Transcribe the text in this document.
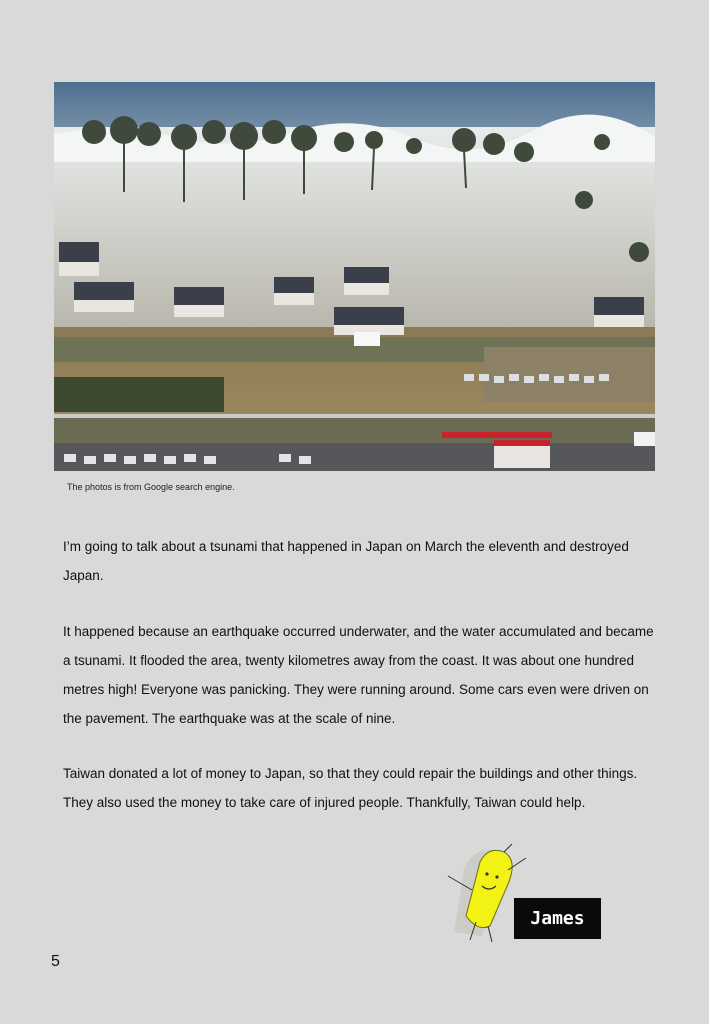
The photos is from Google search engine.

I’m going to talk about a tsunami that happened in Japan on March the eleventh and destroyed Japan.

It happened because an earthquake occurred underwater, and the water accumulated and became a tsunami. It flooded the area, twenty kilometres away from the coast. It was about one hundred metres high! Everyone was panicking. They were running around. Some cars even were driven on the pavement. The earthquake was at the scale of nine.

Taiwan donated a lot of money to Japan, so that they could repair the buildings and other things. They also used the money to take care of injured people. Thankfully, Taiwan could help.

James
5
